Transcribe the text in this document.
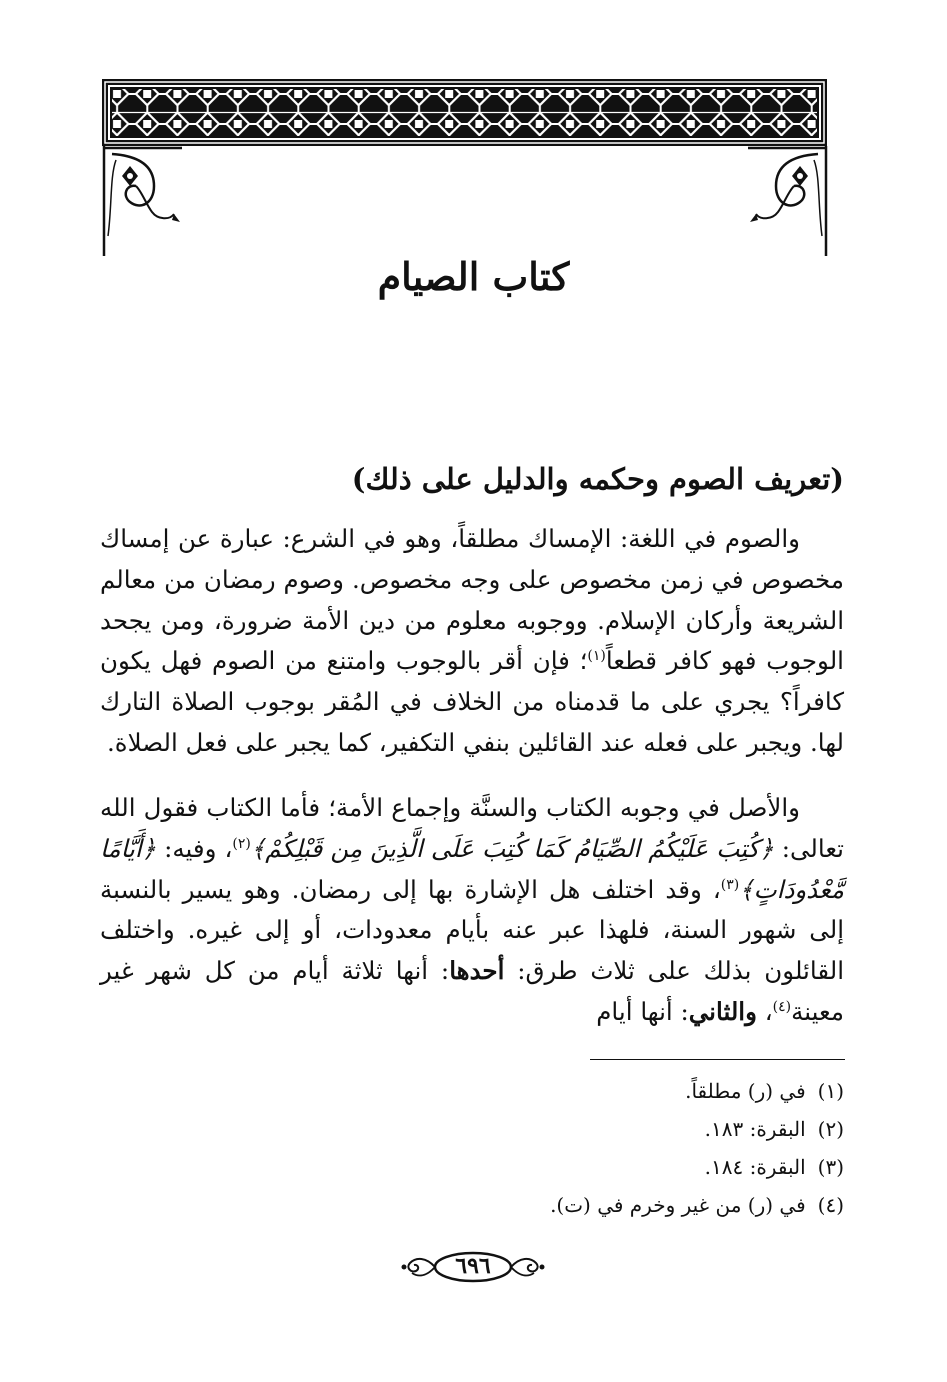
كتاب الصيام
(تعريف الصوم وحكمه والدليل على ذلك)
والصوم في اللغة: الإمساك مطلقاً، وهو في الشرع: عبارة عن إمساك مخصوص في زمن مخصوص على وجه مخصوص. وصوم رمضان من معالم الشريعة وأركان الإسلام. ووجوبه معلوم من دين الأمة ضرورة، ومن يجحد الوجوب فهو كافر قطعاً$^{(١)}$؛ فإن أقر بالوجوب وامتنع من الصوم فهل يكون كافراً؟ يجري على ما قدمناه من الخلاف في المُقر بوجوب الصلاة التارك لها. ويجبر على فعله عند القائلين بنفي التكفير، كما يجبر على فعل الصلاة.
والأصل في وجوبه الكتاب والسنَّة وإجماع الأمة؛ فأما الكتاب فقول الله تعالى: ﴿كُتِبَ عَلَيْكُمُ الصِّيَامُ كَمَا كُتِبَ عَلَى الَّذِينَ مِن قَبْلِكُمْ﴾$^{(٢)}$، وفيه: ﴿أَيَّامًا مَّعْدُودَاتٍ﴾$^{(٣)}$، وقد اختلف هل الإشارة بها إلى رمضان. وهو يسير بالنسبة إلى شهور السنة، فلهذا عبر عنه بأيام معدودات، أو إلى غيره. واختلف القائلون بذلك على ثلاث طرق: أحدها: أنها ثلاثة أيام من كل شهر غير معينة$^{(٤)}$، والثاني: أنها أيام
(١) في (ر) مطلقاً.
(٢) البقرة: ١٨٣.
(٣) البقرة: ١٨٤.
(٤) في (ر) من غير وخرم في (ت).
٦٩٦
